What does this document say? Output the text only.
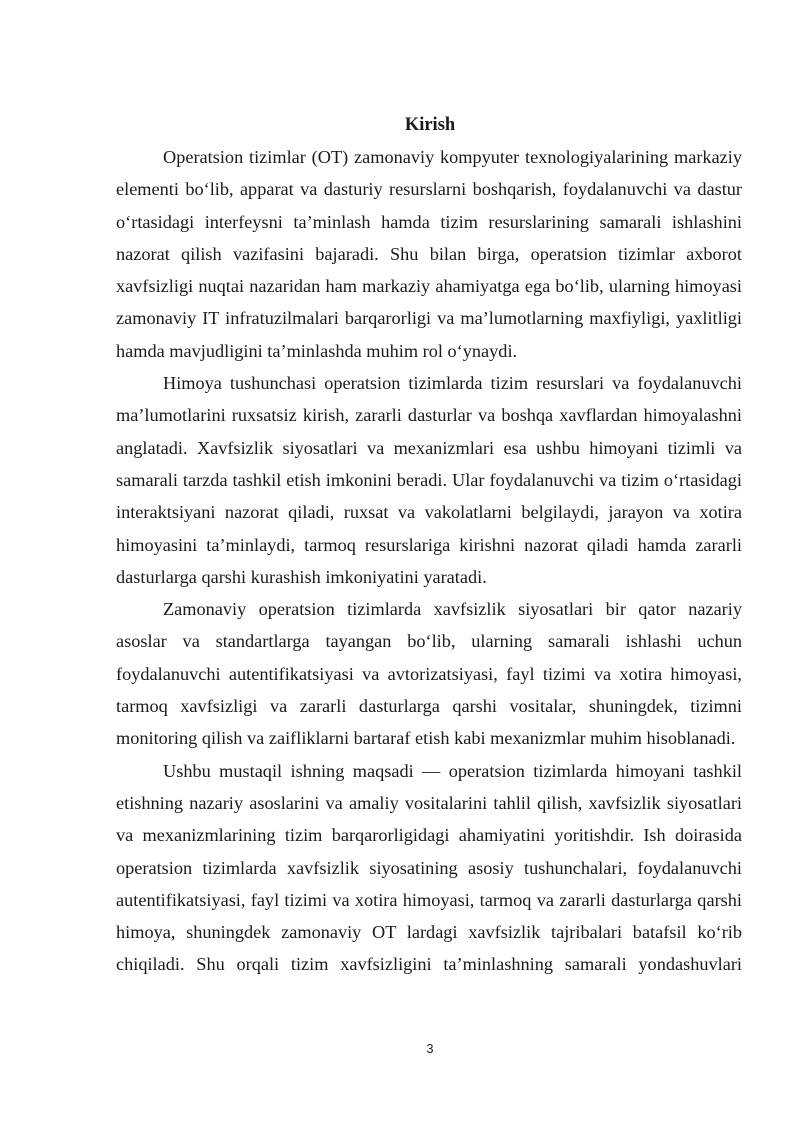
Kirish

Operatsion tizimlar (OT) zamonaviy kompyuter texnologiyalarining markaziy elementi bo‘lib, apparat va dasturiy resurslarni boshqarish, foydalanuvchi va dastur o‘rtasidagi interfeysni ta’minlash hamda tizim resurslarining samarali ishlashini nazorat qilish vazifasini bajaradi. Shu bilan birga, operatsion tizimlar axborot xavfsizligi nuqtai nazaridan ham markaziy ahamiyatga ega bo‘lib, ularning himoyasi zamonaviy IT infratuzilmalari barqarorligi va ma’lumotlarning maxfiyligi, yaxlitligi hamda mavjudligini ta’minlashda muhim rol o‘ynaydi.

Himoya tushunchasi operatsion tizimlarda tizim resurslari va foydalanuvchi ma’lumotlarini ruxsatsiz kirish, zararli dasturlar va boshqa xavflardan himoyalashni anglatadi. Xavfsizlik siyosatlari va mexanizmlari esa ushbu himoyani tizimli va samarali tarzda tashkil etish imkonini beradi. Ular foydalanuvchi va tizim o‘rtasidagi interaktsiyani nazorat qiladi, ruxsat va vakolatlarni belgilaydi, jarayon va xotira himoyasini ta’minlaydi, tarmoq resurslariga kirishni nazorat qiladi hamda zararli dasturlarga qarshi kurashish imkoniyatini yaratadi.

Zamonaviy operatsion tizimlarda xavfsizlik siyosatlari bir qator nazariy asoslar va standartlarga tayangan bo‘lib, ularning samarali ishlashi uchun foydalanuvchi autentifikatsiyasi va avtorizatsiyasi, fayl tizimi va xotira himoyasi, tarmoq xavfsizligi va zararli dasturlarga qarshi vositalar, shuningdek, tizimni monitoring qilish va zaifliklarni bartaraf etish kabi mexanizmlar muhim hisoblanadi.

Ushbu mustaqil ishning maqsadi — operatsion tizimlarda himoyani tashkil etishning nazariy asoslarini va amaliy vositalarini tahlil qilish, xavfsizlik siyosatlari va mexanizmlarining tizim barqarorligidagi ahamiyatini yoritishdir. Ish doirasida operatsion tizimlarda xavfsizlik siyosatining asosiy tushunchalari, foydalanuvchi autentifikatsiyasi, fayl tizimi va xotira himoyasi, tarmoq va zararli dasturlarga qarshi himoya, shuningdek zamonaviy OT lardagi xavfsizlik tajribalari batafsil ko‘rib chiqiladi. Shu orqali tizim xavfsizligini ta’minlashning samarali yondashuvlari

3
